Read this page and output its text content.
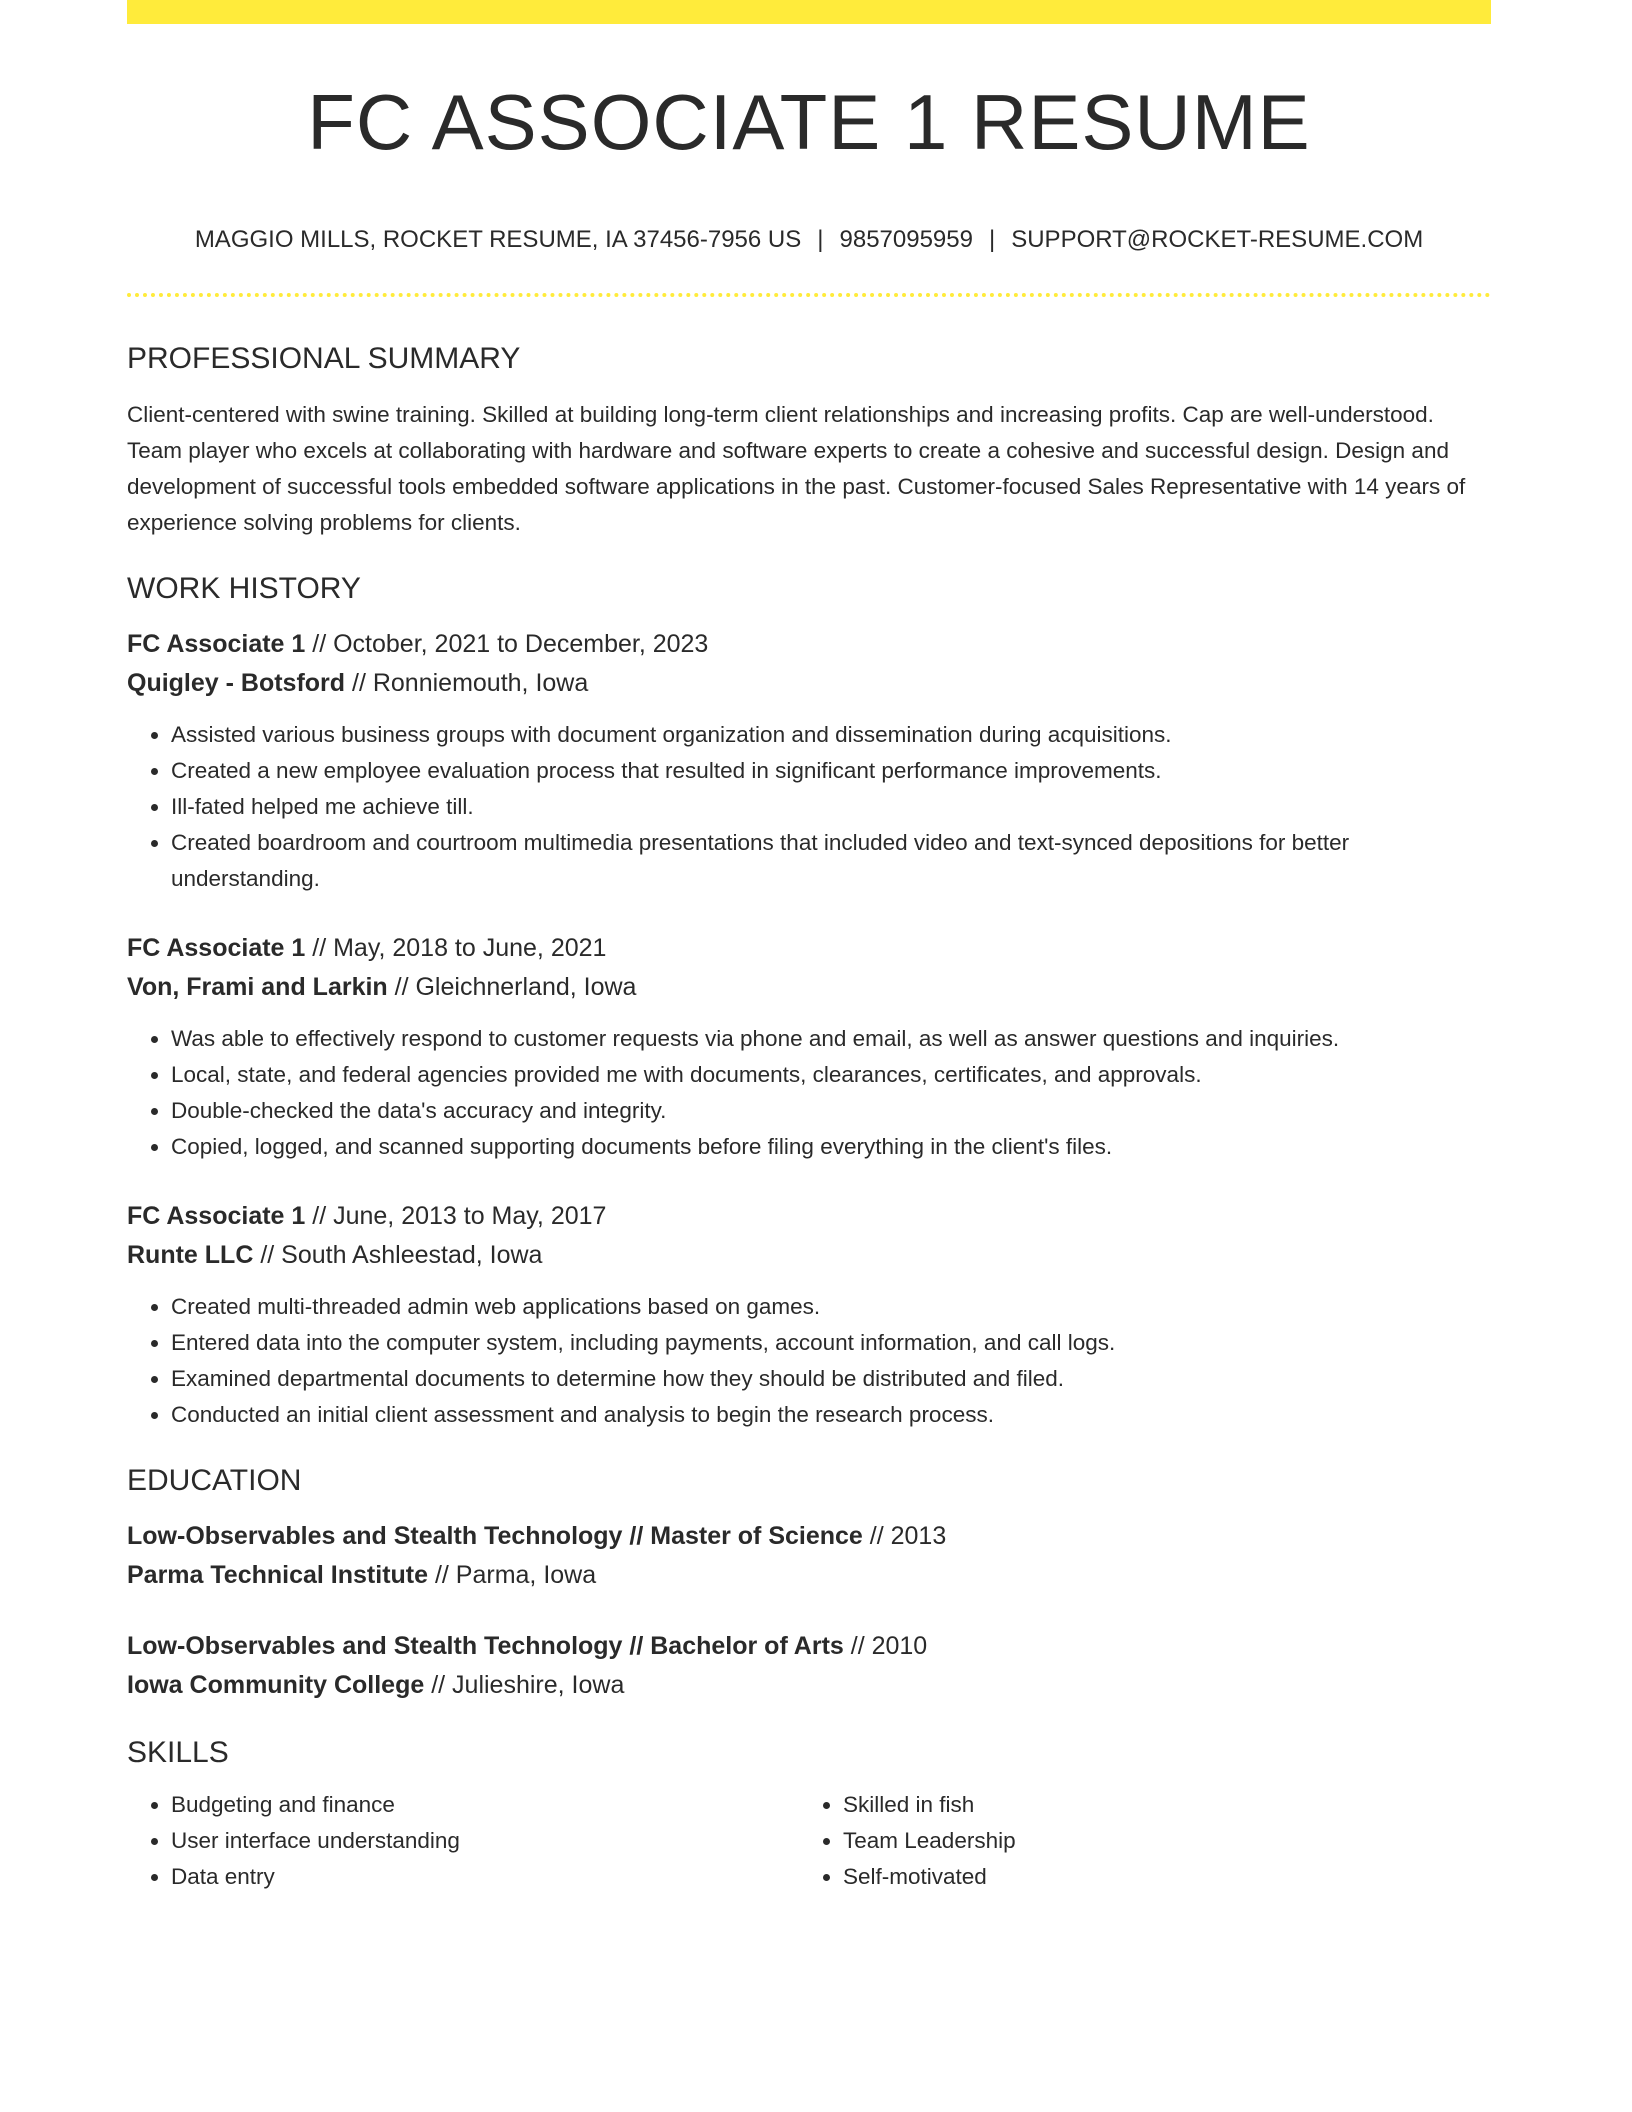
FC ASSOCIATE 1 RESUME
MAGGIO MILLS, ROCKET RESUME, IA 37456-7956 US | 9857095959 | SUPPORT@ROCKET-RESUME.COM
PROFESSIONAL SUMMARY
Client-centered with swine training. Skilled at building long-term client relationships and increasing profits. Cap are well-understood. Team player who excels at collaborating with hardware and software experts to create a cohesive and successful design. Design and development of successful tools embedded software applications in the past. Customer-focused Sales Representative with 14 years of experience solving problems for clients.
WORK HISTORY
FC Associate 1 // October, 2021 to December, 2023
Quigley - Botsford // Ronniemouth, Iowa
• Assisted various business groups with document organization and dissemination during acquisitions.
• Created a new employee evaluation process that resulted in significant performance improvements.
• Ill-fated helped me achieve till.
• Created boardroom and courtroom multimedia presentations that included video and text-synced depositions for better understanding.
FC Associate 1 // May, 2018 to June, 2021
Von, Frami and Larkin // Gleichnerland, Iowa
• Was able to effectively respond to customer requests via phone and email, as well as answer questions and inquiries.
• Local, state, and federal agencies provided me with documents, clearances, certificates, and approvals.
• Double-checked the data's accuracy and integrity.
• Copied, logged, and scanned supporting documents before filing everything in the client's files.
FC Associate 1 // June, 2013 to May, 2017
Runte LLC // South Ashleestad, Iowa
• Created multi-threaded admin web applications based on games.
• Entered data into the computer system, including payments, account information, and call logs.
• Examined departmental documents to determine how they should be distributed and filed.
• Conducted an initial client assessment and analysis to begin the research process.
EDUCATION
Low-Observables and Stealth Technology // Master of Science // 2013
Parma Technical Institute // Parma, Iowa
Low-Observables and Stealth Technology // Bachelor of Arts // 2010
Iowa Community College // Julieshire, Iowa
SKILLS
• Budgeting and finance
• User interface understanding
• Data entry
• Skilled in fish
• Team Leadership
• Self-motivated
